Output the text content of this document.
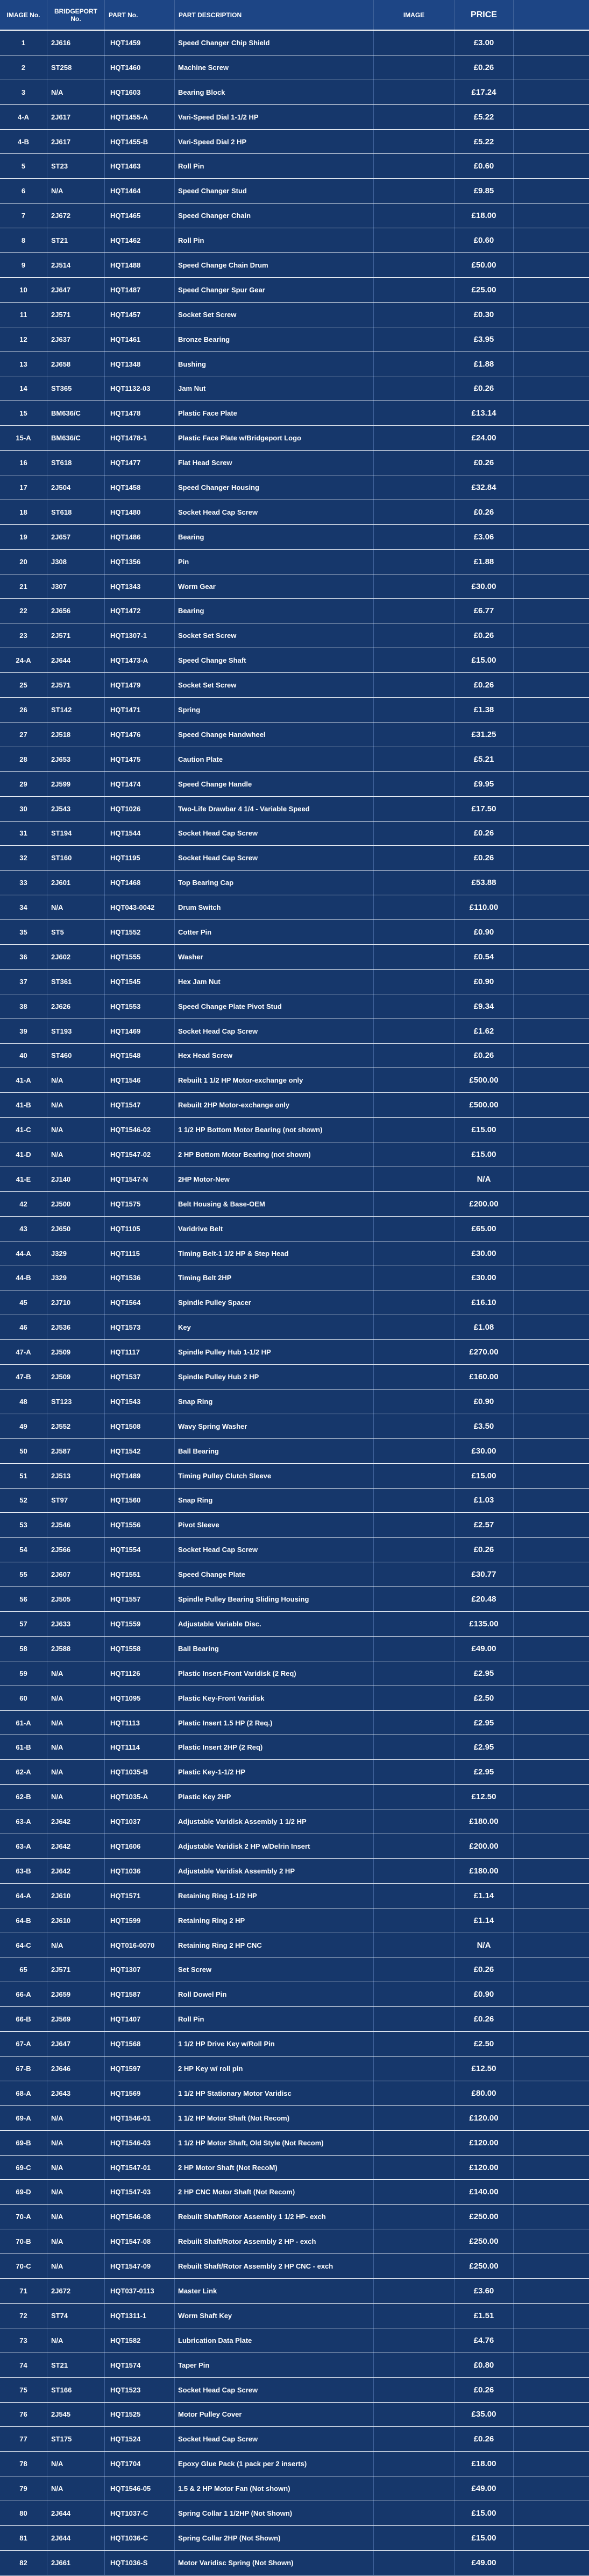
IMAGE No.	BRIDGEPORT No.	PART No.	PART DESCRIPTION	IMAGE	PRICE
1	2J616	HQT1459	Speed Changer Chip Shield	£3.00
2	ST258	HQT1460	Machine Screw	£0.26
3	N/A	HQT1603	Bearing Block	£17.24
4-A	2J617	HQT1455-A	Vari-Speed Dial 1-1/2 HP	£5.22
4-B	2J617	HQT1455-B	Vari-Speed Dial 2 HP	£5.22
5	ST23	HQT1463	Roll Pin	£0.60
6	N/A	HQT1464	Speed Changer Stud	£9.85
7	2J672	HQT1465	Speed Changer Chain	£18.00
8	ST21	HQT1462	Roll Pin	£0.60
9	2J514	HQT1488	Speed Change Chain Drum	£50.00
10	2J647	HQT1487	Speed Changer Spur Gear	£25.00
11	2J571	HQT1457	Socket Set Screw	£0.30
12	2J637	HQT1461	Bronze Bearing	£3.95
13	2J658	HQT1348	Bushing	£1.88
14	ST365	HQT1132-03	Jam Nut	£0.26
15	BM636/C	HQT1478	Plastic Face Plate	£13.14
15-A	BM636/C	HQT1478-1	Plastic Face Plate w/Bridgeport Logo	£24.00
16	ST618	HQT1477	Flat Head Screw	£0.26
17	2J504	HQT1458	Speed Changer Housing	£32.84
18	ST618	HQT1480	Socket Head Cap Screw	£0.26
19	2J657	HQT1486	Bearing	£3.06
20	J308	HQT1356	Pin	£1.88
21	J307	HQT1343	Worm Gear	£30.00
22	2J656	HQT1472	Bearing	£6.77
23	2J571	HQT1307-1	Socket Set Screw	£0.26
24-A	2J644	HQT1473-A	Speed Change Shaft	£15.00
25	2J571	HQT1479	Socket Set Screw	£0.26
26	ST142	HQT1471	Spring	£1.38
27	2J518	HQT1476	Speed Change Handwheel	£31.25
28	2J653	HQT1475	Caution Plate	£5.21
29	2J599	HQT1474	Speed Change Handle	£9.95
30	2J543	HQT1026	Two-Life Drawbar 4 1/4 - Variable Speed	£17.50
31	ST194	HQT1544	Socket Head Cap Screw	£0.26
32	ST160	HQT1195	Socket Head Cap Screw	£0.26
33	2J601	HQT1468	Top Bearing Cap	£53.88
34	N/A	HQT043-0042	Drum Switch	£110.00
35	ST5	HQT1552	Cotter Pin	£0.90
36	2J602	HQT1555	Washer	£0.54
37	ST361	HQT1545	Hex Jam Nut	£0.90
38	2J626	HQT1553	Speed Change Plate Pivot Stud	£9.34
39	ST193	HQT1469	Socket Head Cap Screw	£1.62
40	ST460	HQT1548	Hex Head Screw	£0.26
41-A	N/A	HQT1546	Rebuilt 1 1/2 HP Motor-exchange only	£500.00
41-B	N/A	HQT1547	Rebuilt 2HP Motor-exchange only	£500.00
41-C	N/A	HQT1546-02	1 1/2 HP Bottom Motor Bearing (not shown)	£15.00
41-D	N/A	HQT1547-02	2 HP Bottom Motor Bearing (not shown)	£15.00
41-E	2J140	HQT1547-N	2HP Motor-New	N/A
42	2J500	HQT1575	Belt Housing & Base-OEM	£200.00
43	2J650	HQT1105	Varidrive Belt	£65.00
44-A	J329	HQT1115	Timing Belt-1 1/2 HP & Step Head	£30.00
44-B	J329	HQT1536	Timing Belt 2HP	£30.00
45	2J710	HQT1564	Spindle Pulley Spacer	£16.10
46	2J536	HQT1573	Key	£1.08
47-A	2J509	HQT1117	Spindle Pulley Hub 1-1/2 HP	£270.00
47-B	2J509	HQT1537	Spindle Pulley Hub 2 HP	£160.00
48	ST123	HQT1543	Snap Ring	£0.90
49	2J552	HQT1508	Wavy Spring Washer	£3.50
50	2J587	HQT1542	Ball Bearing	£30.00
51	2J513	HQT1489	Timing Pulley Clutch Sleeve	£15.00
52	ST97	HQT1560	Snap Ring	£1.03
53	2J546	HQT1556	Pivot Sleeve	£2.57
54	2J566	HQT1554	Socket Head Cap Screw	£0.26
55	2J607	HQT1551	Speed Change Plate	£30.77
56	2J505	HQT1557	Spindle Pulley Bearing Sliding Housing	£20.48
57	2J633	HQT1559	Adjustable Variable Disc.	£135.00
58	2J588	HQT1558	Ball Bearing	£49.00
59	N/A	HQT1126	Plastic Insert-Front Varidisk (2 Req)	£2.95
60	N/A	HQT1095	Plastic Key-Front Varidisk	£2.50
61-A	N/A	HQT1113	Plastic Insert 1.5 HP (2 Req.)	£2.95
61-B	N/A	HQT1114	Plastic Insert 2HP (2 Req)	£2.95
62-A	N/A	HQT1035-B	Plastic Key-1-1/2 HP	£2.95
62-B	N/A	HQT1035-A	Plastic Key 2HP	£12.50
63-A	2J642	HQT1037	Adjustable Varidisk Assembly 1 1/2 HP	£180.00
63-A	2J642	HQT1606	Adjustable Varidisk 2 HP w/Delrin Insert	£200.00
63-B	2J642	HQT1036	Adjustable Varidisk Assembly 2 HP	£180.00
64-A	2J610	HQT1571	Retaining Ring 1-1/2 HP	£1.14
64-B	2J610	HQT1599	Retaining Ring 2 HP	£1.14
64-C	N/A	HQT016-0070	Retaining Ring 2 HP CNC	N/A
65	2J571	HQT1307	Set Screw	£0.26
66-A	2J659	HQT1587	Roll Dowel Pin	£0.90
66-B	2J569	HQT1407	Roll Pin	£0.26
67-A	2J647	HQT1568	1 1/2 HP Drive Key w/Roll Pin	£2.50
67-B	2J646	HQT1597	2 HP Key w/ roll pin	£12.50
68-A	2J643	HQT1569	1 1/2 HP Stationary Motor Varidisc	£80.00
69-A	N/A	HQT1546-01	1 1/2 HP Motor Shaft (Not Recom)	£120.00
69-B	N/A	HQT1546-03	1 1/2 HP Motor Shaft, Old Style (Not Recom)	£120.00
69-C	N/A	HQT1547-01	2 HP Motor Shaft (Not RecoM)	£120.00
69-D	N/A	HQT1547-03	2 HP CNC Motor Shaft (Not Recom)	£140.00
70-A	N/A	HQT1546-08	Rebuilt Shaft/Rotor Assembly 1 1/2 HP- exch	£250.00
70-B	N/A	HQT1547-08	Rebuilt Shaft/Rotor Assembly 2 HP - exch	£250.00
70-C	N/A	HQT1547-09	Rebuilt Shaft/Rotor Assembly 2 HP CNC - exch	£250.00
71	2J672	HQT037-0113	Master Link	£3.60
72	ST74	HQT1311-1	Worm Shaft Key	£1.51
73	N/A	HQT1582	Lubrication Data Plate	£4.76
74	ST21	HQT1574	Taper Pin	£0.80
75	ST166	HQT1523	Socket Head Cap Screw	£0.26
76	2J545	HQT1525	Motor Pulley Cover	£35.00
77	ST175	HQT1524	Socket Head Cap Screw	£0.26
78	N/A	HQT1704	Epoxy Glue Pack (1 pack per 2 inserts)	£18.00
79	N/A	HQT1546-05	1.5 & 2 HP Motor Fan (Not shown)	£49.00
80	2J644	HQT1037-C	Spring Collar 1 1/2HP (Not Shown)	£15.00
81	2J644	HQT1036-C	Spring Collar 2HP (Not Shown)	£15.00
82	2J661	HQT1036-S	Motor Varidisc Spring (Not Shown)	£49.00
